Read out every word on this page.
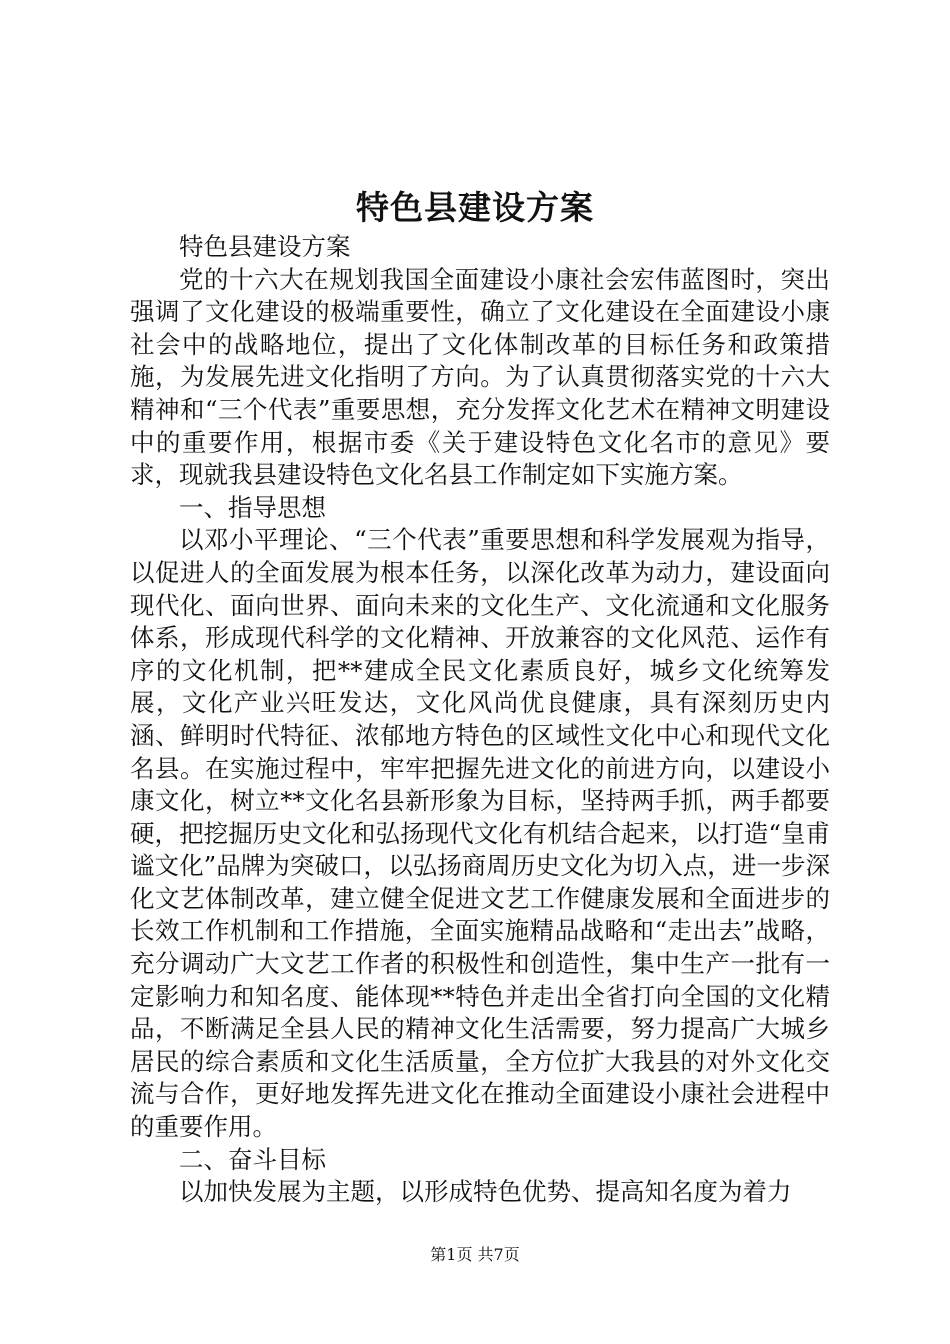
特色县建设方案

特色县建设方案

党的十六大在规划我国全面建设小康社会宏伟蓝图时，突出强调了文化建设的极端重要性，确立了文化建设在全面建设小康社会中的战略地位，提出了文化体制改革的目标任务和政策措施，为发展先进文化指明了方向。为了认真贯彻落实党的十六大精神和“三个代表”重要思想，充分发挥文化艺术在精神文明建设中的重要作用，根据市委《关于建设特色文化名市的意见》要求，现就我县建设特色文化名县工作制定如下实施方案。

一、指导思想

以邓小平理论、“三个代表”重要思想和科学发展观为指导，以促进人的全面发展为根本任务，以深化改革为动力，建设面向现代化、面向世界、面向未来的文化生产、文化流通和文化服务体系，形成现代科学的文化精神、开放兼容的文化风范、运作有序的文化机制，把**建成全民文化素质良好，城乡文化统筹发展，文化产业兴旺发达，文化风尚优良健康，具有深刻历史内涵、鲜明时代特征、浓郁地方特色的区域性文化中心和现代文化名县。在实施过程中，牢牢把握先进文化的前进方向，以建设小康文化，树立**文化名县新形象为目标，坚持两手抓，两手都要硬，把挖掘历史文化和弘扬现代文化有机结合起来，以打造“皇甫谧文化”品牌为突破口，以弘扬商周历史文化为切入点，进一步深化文艺体制改革，建立健全促进文艺工作健康发展和全面进步的长效工作机制和工作措施，全面实施精品战略和“走出去”战略，充分调动广大文艺工作者的积极性和创造性，集中生产一批有一定影响力和知名度、能体现**特色并走出全省打向全国的文化精品，不断满足全县人民的精神文化生活需要，努力提高广大城乡居民的综合素质和文化生活质量，全方位扩大我县的对外文化交流与合作，更好地发挥先进文化在推动全面建设小康社会进程中的重要作用。

二、奋斗目标

以加快发展为主题，以形成特色优势、提高知名度为着力

第1页 共7页
